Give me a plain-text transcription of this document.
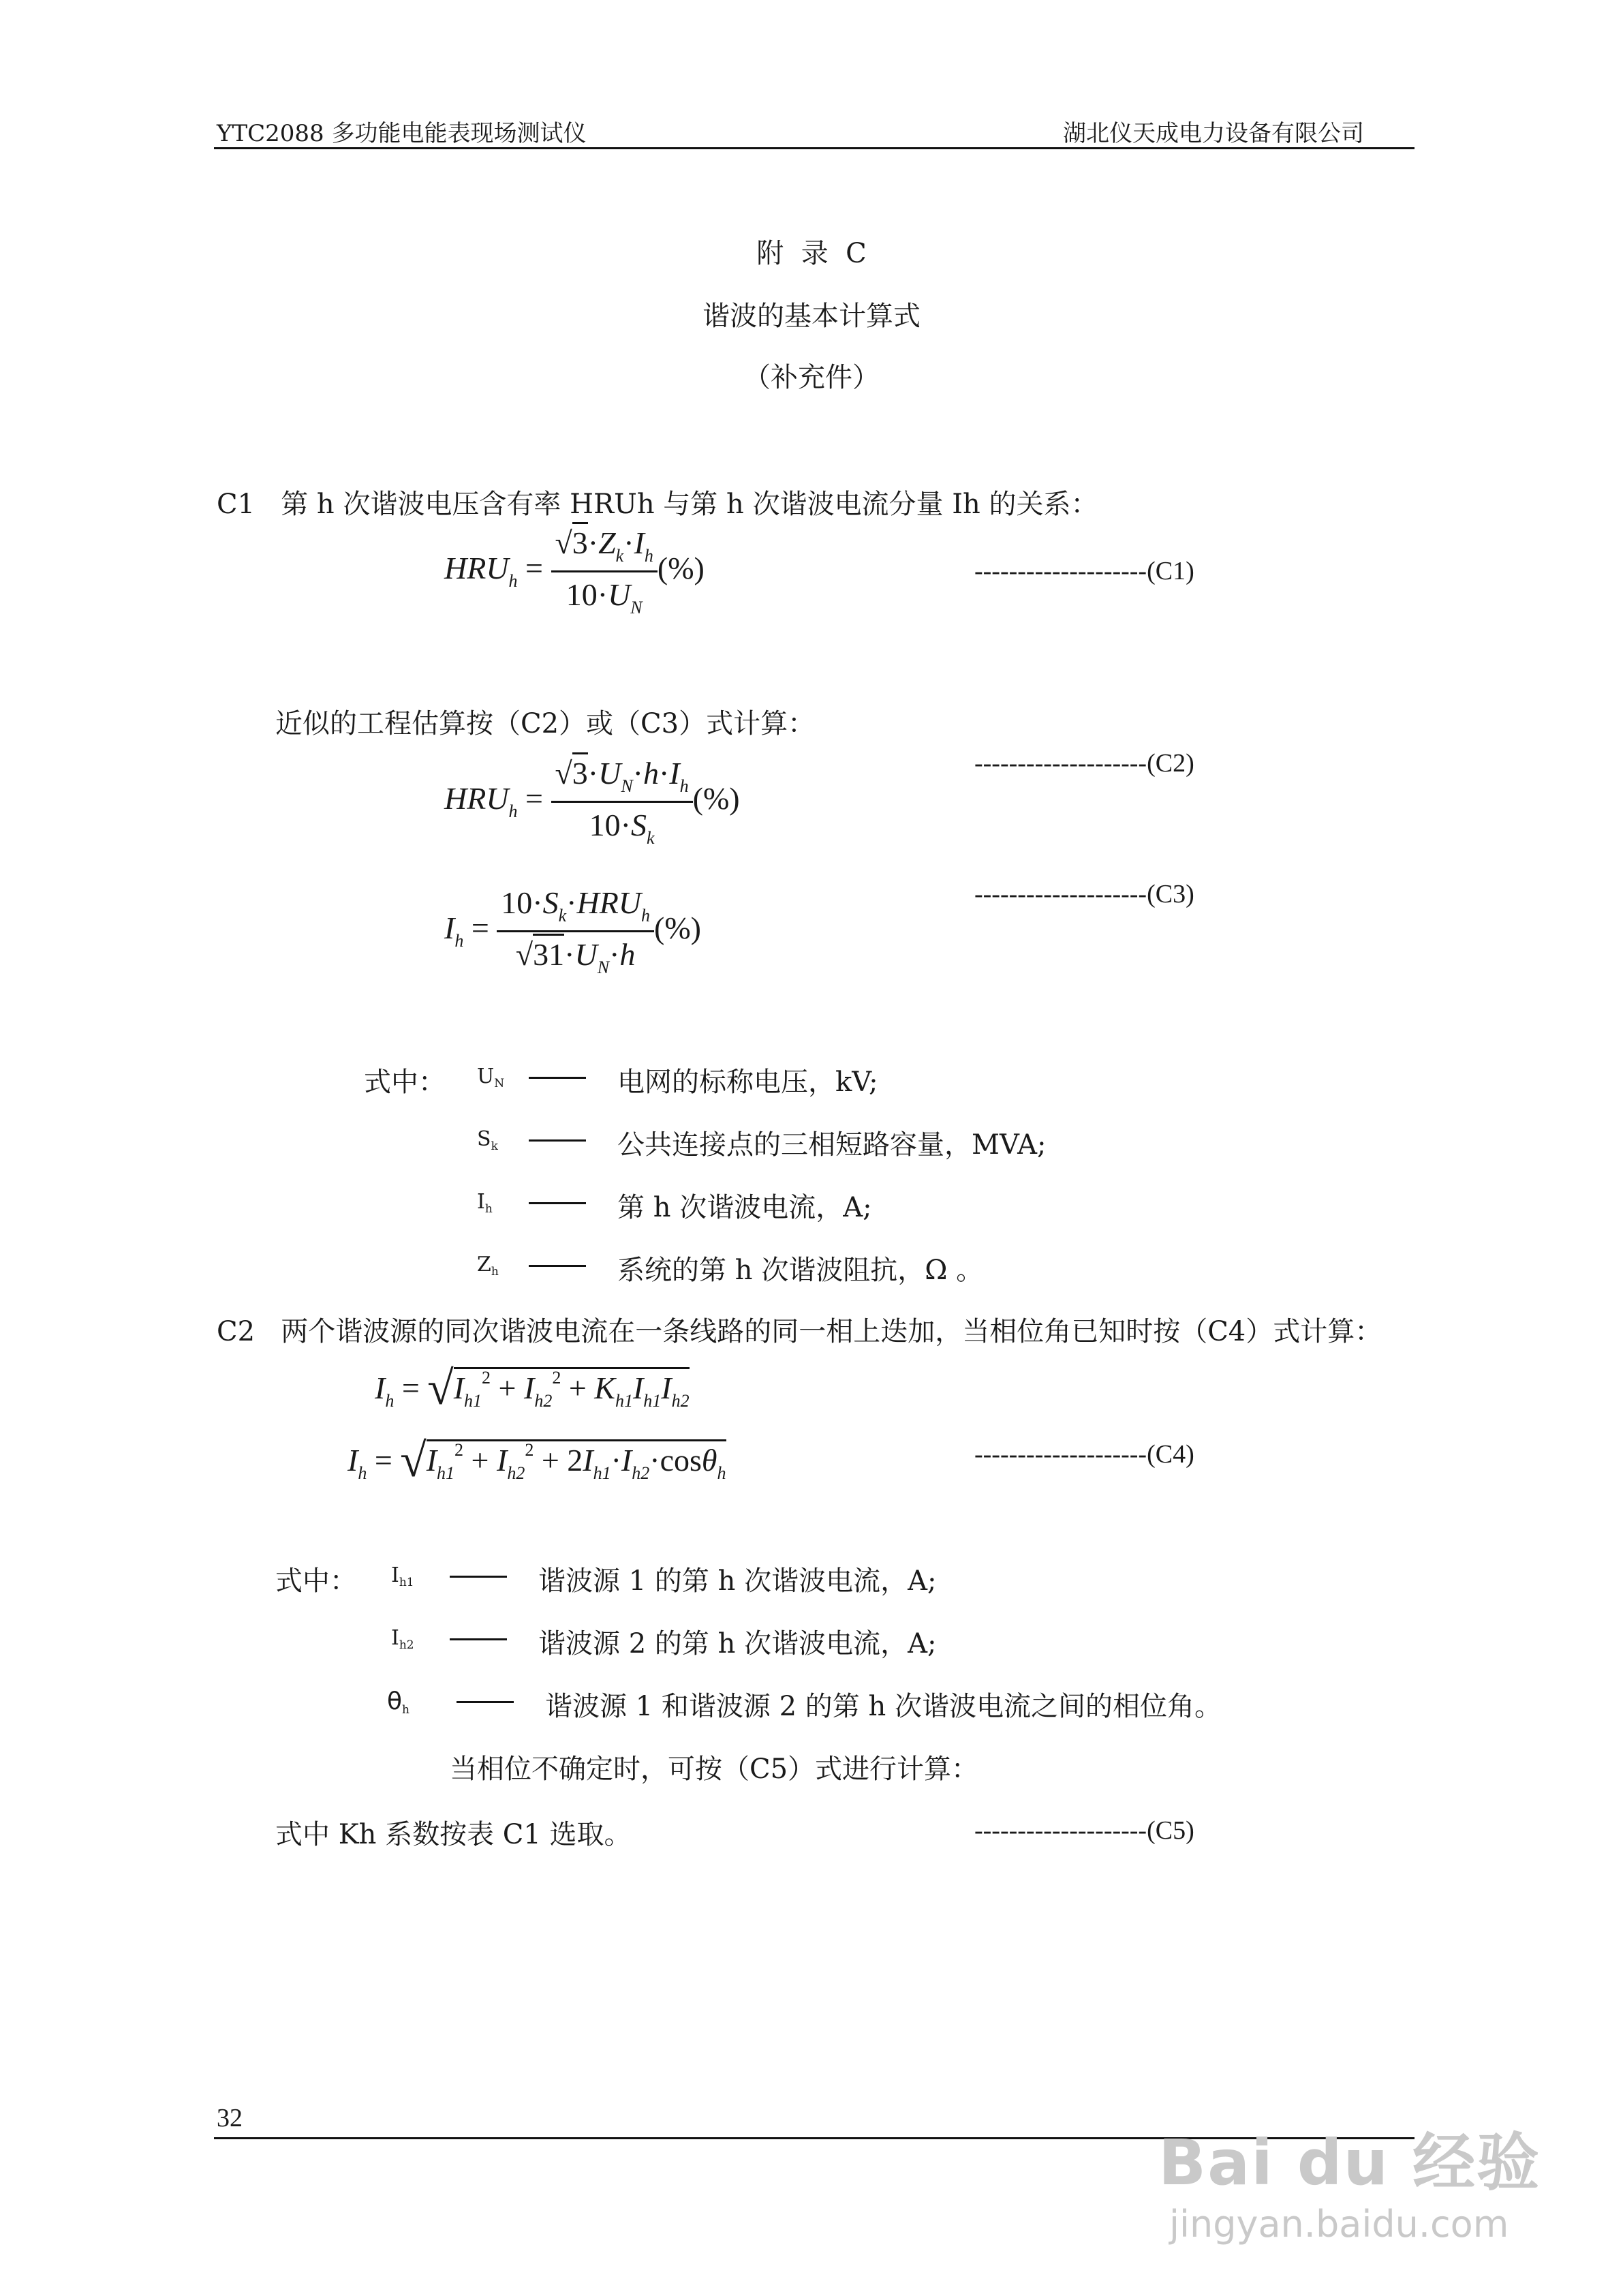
YTC2088 多功能电能表现场测试仪	湖北仪天成电力设备有限公司
附  录  C
谐波的基本计算式
（补充件）
C1   第 h 次谐波电压含有率 HRUh 与第 h 次谐波电流分量 Ih 的关系：
$HRU_h = \frac{√3\cdot Z_k\cdot I_h}{10\cdot U_N}$ (%)	--------------------(C1)
近似的工程估算按（C2）或（C3）式计算：
--------------------(C2)
$HRU_h = \frac{√3\cdot U_N\cdot h\cdot I_h}{10\cdot S_k}$ (%)
--------------------(C3)
$I_h = \frac{10\cdot S_k\cdot HRU_h}{√31\cdot U_N\cdot h}$ (%)
式中： $U_N$	电网的标称电压，kV;
$S_k$	公共连接点的三相短路容量，MVA;
$I_h$	第 h 次谐波电流，A;
$Z_h$	系统的第 h 次谐波阻抗，Ω 。
C2   两个谐波源的同次谐波电流在一条线路的同一相上迭加，当相位角已知时按（C4）式计算：
$I_h = √I_{h1}^2 + I_{h2}^2 + K_{h1}I_{h1}I_{h2}$
$I_h = √I_{h1}^2 + I_{h2}^2 + 2I_{h1}\cdot I_{h2}\cdot\cos\theta_h$
--------------------(C4)
式中： $I_{h1}$	谐波源 1 的第 h 次谐波电流，A;
$I_{h2}$	谐波源 2 的第 h 次谐波电流，A;
$\theta_h$	谐波源 1 和谐波源 2 的第 h 次谐波电流之间的相位角。
当相位不确定时，可按（C5）式进行计算：
式中 Kh 系数按表 C1 选取。	--------------------(C5)
32
Bai du 经验
jingyan.baidu.com
